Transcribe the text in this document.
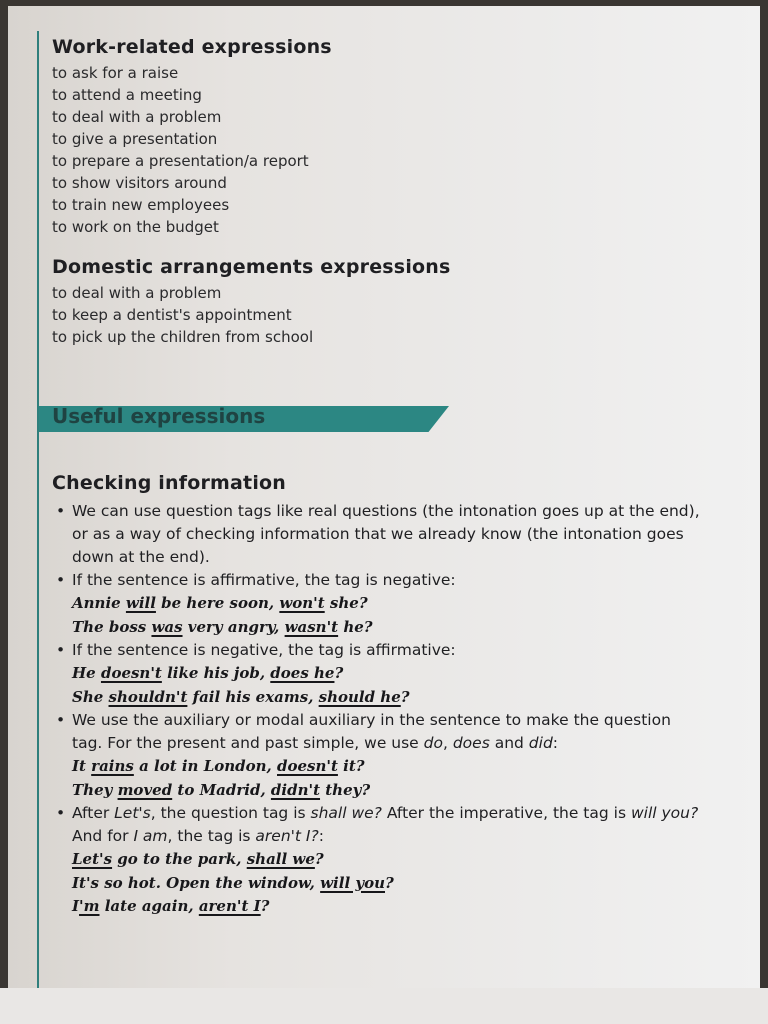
Work-related expressions
to ask for a raise
to attend a meeting
to deal with a problem
to give a presentation
to prepare a presentation/a report
to show visitors around
to train new employees
to work on the budget
Domestic arrangements expressions
to deal with a problem
to keep a dentist's appointment
to pick up the children from school
Useful expressions
Checking information
• We can use question tags like real questions (the intonation goes up at the end),
or as a way of checking information that we already know (the intonation goes
down at the end).
• If the sentence is affirmative, the tag is negative:
Annie will be here soon, won't she?
The boss was very angry, wasn't he?
• If the sentence is negative, the tag is affirmative:
He doesn't like his job, does he?
She shouldn't fail his exams, should he?
• We use the auxiliary or modal auxiliary in the sentence to make the question
tag. For the present and past simple, we use do, does and did:
It rains a lot in London, doesn't it?
They moved to Madrid, didn't they?
• After Let's, the question tag is shall we? After the imperative, the tag is will you?
And for I am, the tag is aren't I?:
Let's go to the park, shall we?
It's so hot. Open the window, will you?
I'm late again, aren't I?
